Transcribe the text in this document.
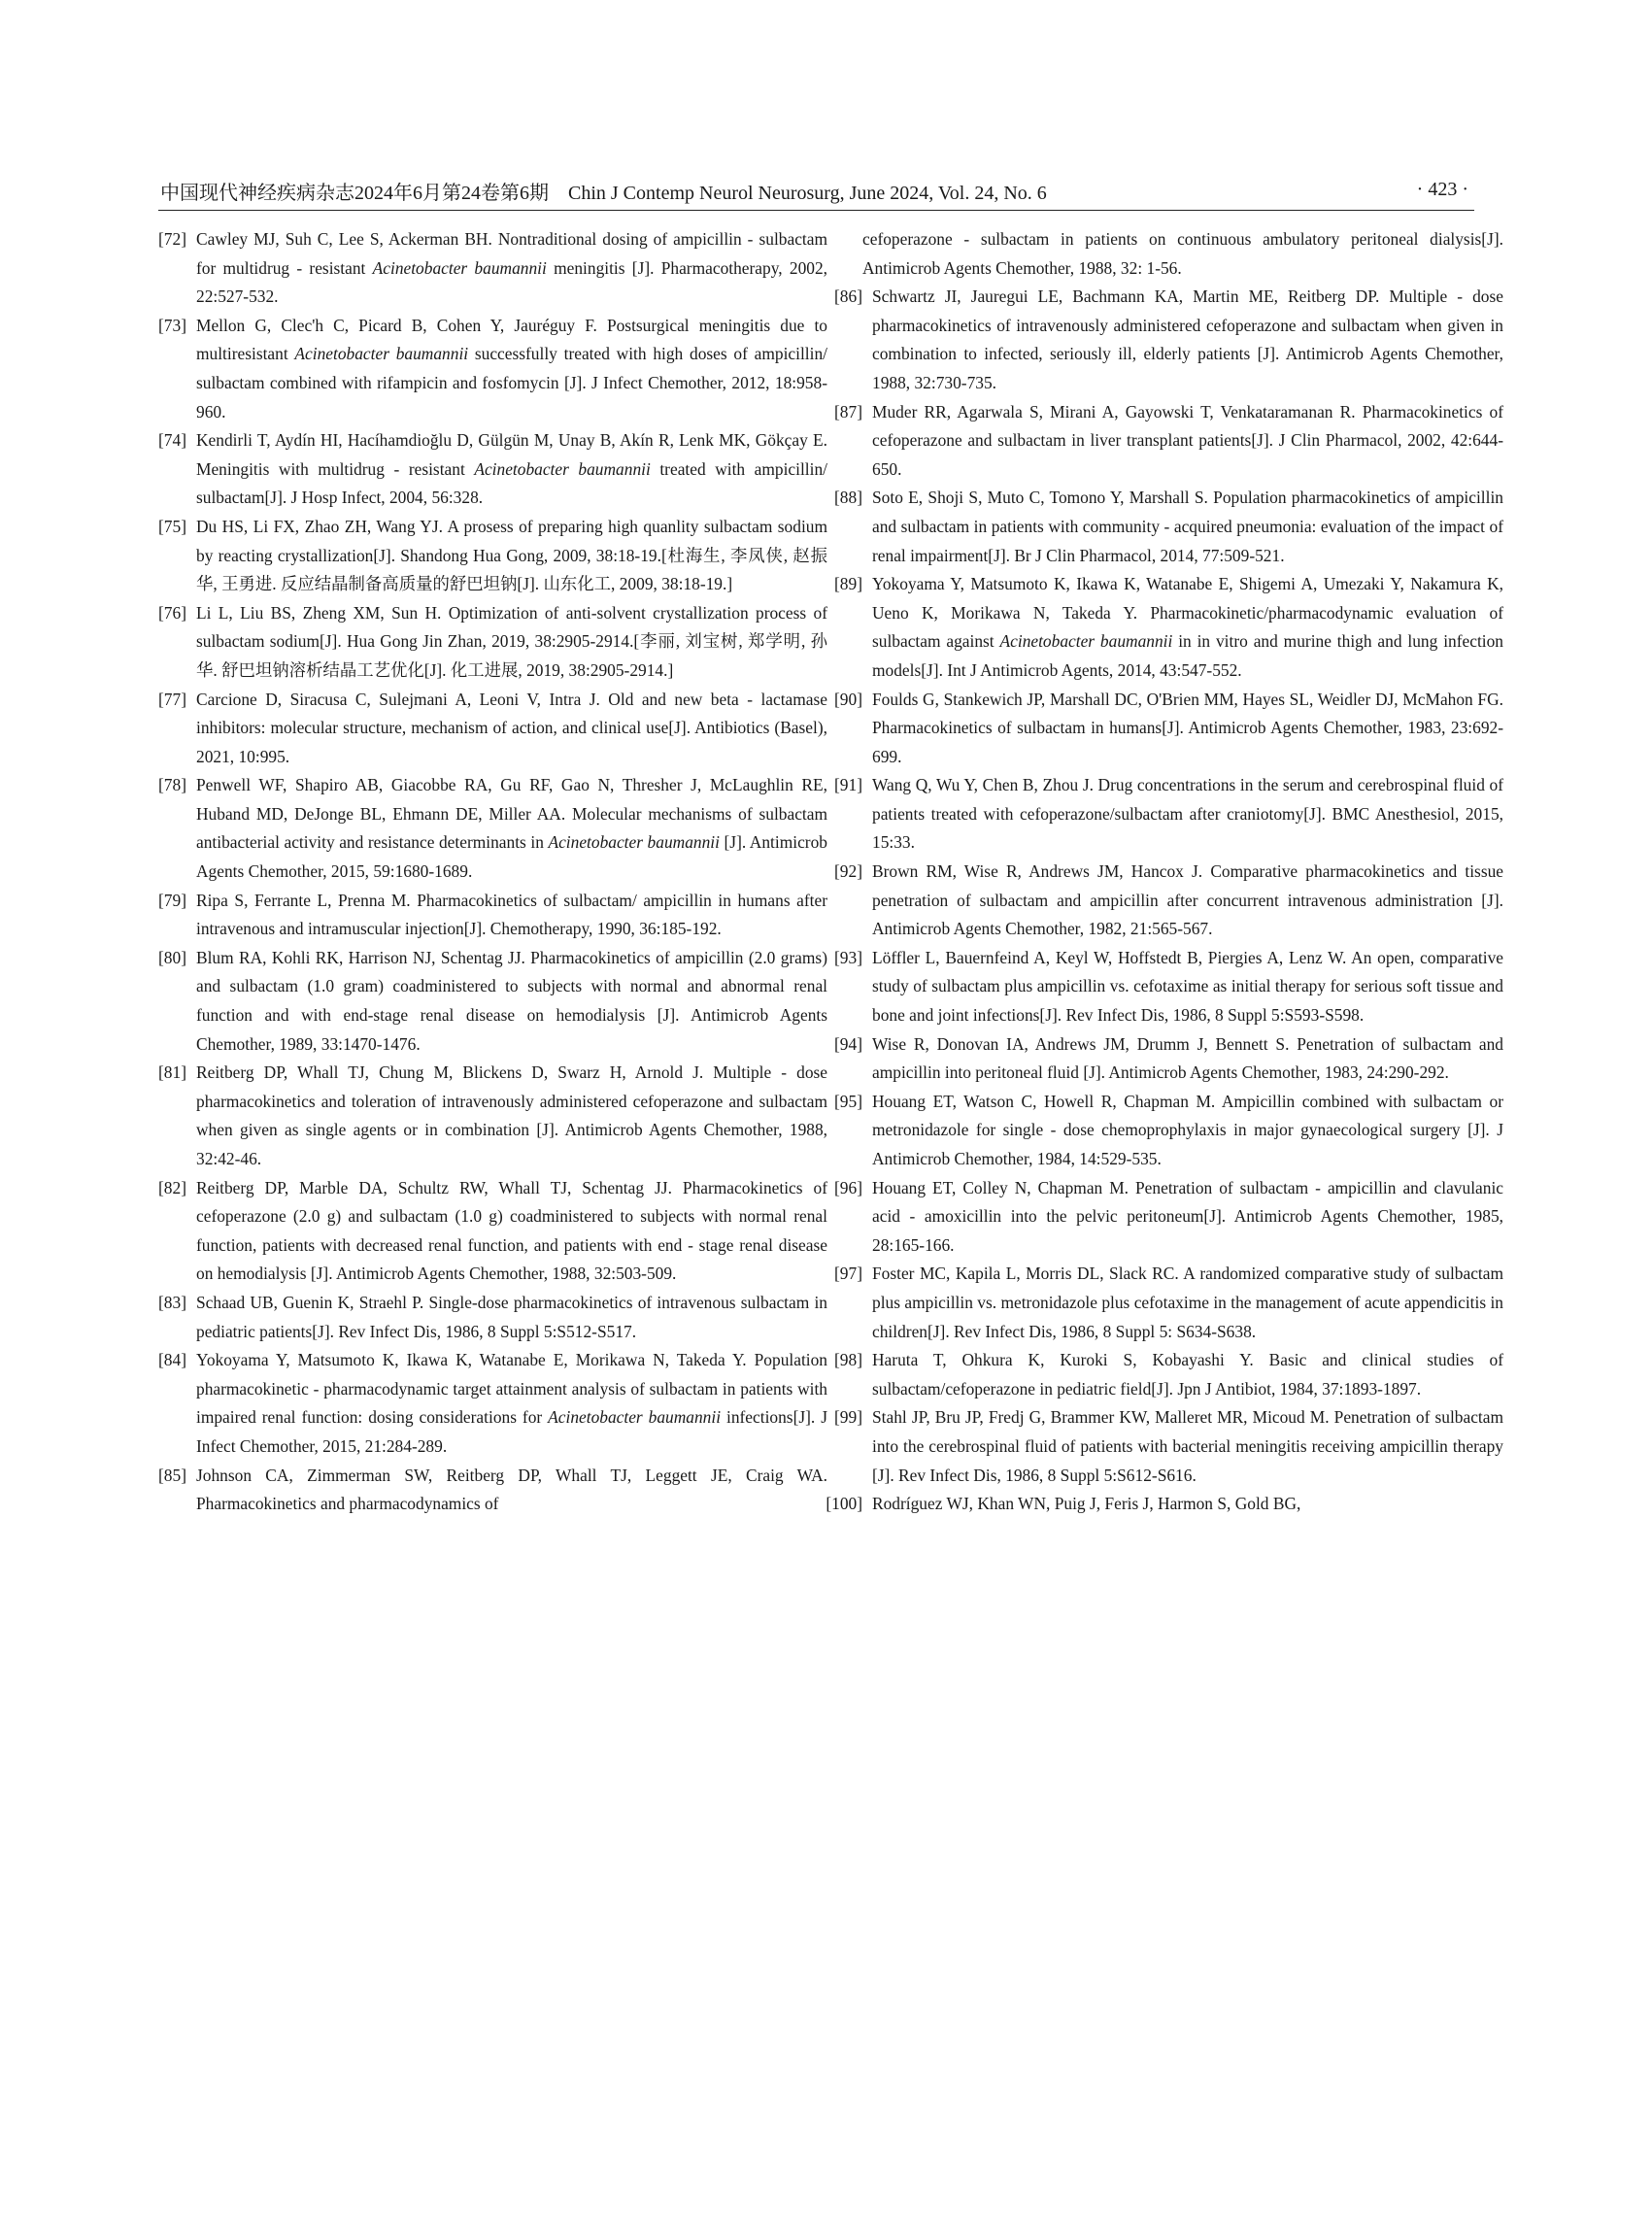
中国现代神经疾病杂志2024年6月第24卷第6期　Chin J Contemp Neurol Neurosurg, June 2024, Vol. 24, No. 6	· 423 ·
[72] Cawley MJ, Suh C, Lee S, Ackerman BH. Nontraditional dosing of ampicillin - sulbactam for multidrug - resistant Acinetobacter baumannii meningitis [J]. Pharmacotherapy, 2002, 22:527-532.
[73] Mellon G, Clec'h C, Picard B, Cohen Y, Jauréguy F. Postsurgical meningitis due to multiresistant Acinetobacter baumannii successfully treated with high doses of ampicillin/ sulbactam combined with rifampicin and fosfomycin [J]. J Infect Chemother, 2012, 18:958-960.
[74] Kendirli T, Aydín HI, Hacíhamdioğlu D, Gülgün M, Unay B, Akín R, Lenk MK, Gökçay E. Meningitis with multidrug - resistant Acinetobacter baumannii treated with ampicillin/ sulbactam[J]. J Hosp Infect, 2004, 56:328.
[75] Du HS, Li FX, Zhao ZH, Wang YJ. A prosess of preparing high quanlity sulbactam sodium by reacting crystallization[J]. Shandong Hua Gong, 2009, 38:18-19.[杜海生, 李凤侠, 赵振华, 王勇进. 反应结晶制备高质量的舒巴坦钠[J]. 山东化工, 2009, 38:18-19.]
[76] Li L, Liu BS, Zheng XM, Sun H. Optimization of anti-solvent crystallization process of sulbactam sodium[J]. Hua Gong Jin Zhan, 2019, 38:2905-2914.[李丽, 刘宝树, 郑学明, 孙华. 舒巴坦钠溶析结晶工艺优化[J]. 化工进展, 2019, 38:2905-2914.]
[77] Carcione D, Siracusa C, Sulejmani A, Leoni V, Intra J. Old and new beta - lactamase inhibitors: molecular structure, mechanism of action, and clinical use[J]. Antibiotics (Basel), 2021, 10:995.
[78] Penwell WF, Shapiro AB, Giacobbe RA, Gu RF, Gao N, Thresher J, McLaughlin RE, Huband MD, DeJonge BL, Ehmann DE, Miller AA. Molecular mechanisms of sulbactam antibacterial activity and resistance determinants in Acinetobacter baumannii [J]. Antimicrob Agents Chemother, 2015, 59:1680-1689.
[79] Ripa S, Ferrante L, Prenna M. Pharmacokinetics of sulbactam/ ampicillin in humans after intravenous and intramuscular injection[J]. Chemotherapy, 1990, 36:185-192.
[80] Blum RA, Kohli RK, Harrison NJ, Schentag JJ. Pharmacokinetics of ampicillin (2.0 grams) and sulbactam (1.0 gram) coadministered to subjects with normal and abnormal renal function and with end-stage renal disease on hemodialysis [J]. Antimicrob Agents Chemother, 1989, 33:1470-1476.
[81] Reitberg DP, Whall TJ, Chung M, Blickens D, Swarz H, Arnold J. Multiple - dose pharmacokinetics and toleration of intravenously administered cefoperazone and sulbactam when given as single agents or in combination [J]. Antimicrob Agents Chemother, 1988, 32:42-46.
[82] Reitberg DP, Marble DA, Schultz RW, Whall TJ, Schentag JJ. Pharmacokinetics of cefoperazone (2.0 g) and sulbactam (1.0 g) coadministered to subjects with normal renal function, patients with decreased renal function, and patients with end - stage renal disease on hemodialysis [J]. Antimicrob Agents Chemother, 1988, 32:503-509.
[83] Schaad UB, Guenin K, Straehl P. Single-dose pharmacokinetics of intravenous sulbactam in pediatric patients[J]. Rev Infect Dis, 1986, 8 Suppl 5:S512-S517.
[84] Yokoyama Y, Matsumoto K, Ikawa K, Watanabe E, Morikawa N, Takeda Y. Population pharmacokinetic - pharmacodynamic target attainment analysis of sulbactam in patients with impaired renal function: dosing considerations for Acinetobacter baumannii infections[J]. J Infect Chemother, 2015, 21:284-289.
[85] Johnson CA, Zimmerman SW, Reitberg DP, Whall TJ, Leggett JE, Craig WA. Pharmacokinetics and pharmacodynamics of
cefoperazone - sulbactam in patients on continuous ambulatory peritoneal dialysis[J]. Antimicrob Agents Chemother, 1988, 32: 1-56.
[86] Schwartz JI, Jauregui LE, Bachmann KA, Martin ME, Reitberg DP. Multiple - dose pharmacokinetics of intravenously administered cefoperazone and sulbactam when given in combination to infected, seriously ill, elderly patients [J]. Antimicrob Agents Chemother, 1988, 32:730-735.
[87] Muder RR, Agarwala S, Mirani A, Gayowski T, Venkataramanan R. Pharmacokinetics of cefoperazone and sulbactam in liver transplant patients[J]. J Clin Pharmacol, 2002, 42:644-650.
[88] Soto E, Shoji S, Muto C, Tomono Y, Marshall S. Population pharmacokinetics of ampicillin and sulbactam in patients with community - acquired pneumonia: evaluation of the impact of renal impairment[J]. Br J Clin Pharmacol, 2014, 77:509-521.
[89] Yokoyama Y, Matsumoto K, Ikawa K, Watanabe E, Shigemi A, Umezaki Y, Nakamura K, Ueno K, Morikawa N, Takeda Y. Pharmacokinetic/pharmacodynamic evaluation of sulbactam against Acinetobacter baumannii in in vitro and murine thigh and lung infection models[J]. Int J Antimicrob Agents, 2014, 43:547-552.
[90] Foulds G, Stankewich JP, Marshall DC, O'Brien MM, Hayes SL, Weidler DJ, McMahon FG. Pharmacokinetics of sulbactam in humans[J]. Antimicrob Agents Chemother, 1983, 23:692-699.
[91] Wang Q, Wu Y, Chen B, Zhou J. Drug concentrations in the serum and cerebrospinal fluid of patients treated with cefoperazone/sulbactam after craniotomy[J]. BMC Anesthesiol, 2015, 15:33.
[92] Brown RM, Wise R, Andrews JM, Hancox J. Comparative pharmacokinetics and tissue penetration of sulbactam and ampicillin after concurrent intravenous administration [J]. Antimicrob Agents Chemother, 1982, 21:565-567.
[93] Löffler L, Bauernfeind A, Keyl W, Hoffstedt B, Piergies A, Lenz W. An open, comparative study of sulbactam plus ampicillin vs. cefotaxime as initial therapy for serious soft tissue and bone and joint infections[J]. Rev Infect Dis, 1986, 8 Suppl 5:S593-S598.
[94] Wise R, Donovan IA, Andrews JM, Drumm J, Bennett S. Penetration of sulbactam and ampicillin into peritoneal fluid [J]. Antimicrob Agents Chemother, 1983, 24:290-292.
[95] Houang ET, Watson C, Howell R, Chapman M. Ampicillin combined with sulbactam or metronidazole for single - dose chemoprophylaxis in major gynaecological surgery [J]. J Antimicrob Chemother, 1984, 14:529-535.
[96] Houang ET, Colley N, Chapman M. Penetration of sulbactam - ampicillin and clavulanic acid - amoxicillin into the pelvic peritoneum[J]. Antimicrob Agents Chemother, 1985, 28:165-166.
[97] Foster MC, Kapila L, Morris DL, Slack RC. A randomized comparative study of sulbactam plus ampicillin vs. metronidazole plus cefotaxime in the management of acute appendicitis in children[J]. Rev Infect Dis, 1986, 8 Suppl 5: S634-S638.
[98] Haruta T, Ohkura K, Kuroki S, Kobayashi Y. Basic and clinical studies of sulbactam/cefoperazone in pediatric field[J]. Jpn J Antibiot, 1984, 37:1893-1897.
[99] Stahl JP, Bru JP, Fredj G, Brammer KW, Malleret MR, Micoud M. Penetration of sulbactam into the cerebrospinal fluid of patients with bacterial meningitis receiving ampicillin therapy [J]. Rev Infect Dis, 1986, 8 Suppl 5:S612-S616.
[100] Rodríguez WJ, Khan WN, Puig J, Feris J, Harmon S, Gold BG,
